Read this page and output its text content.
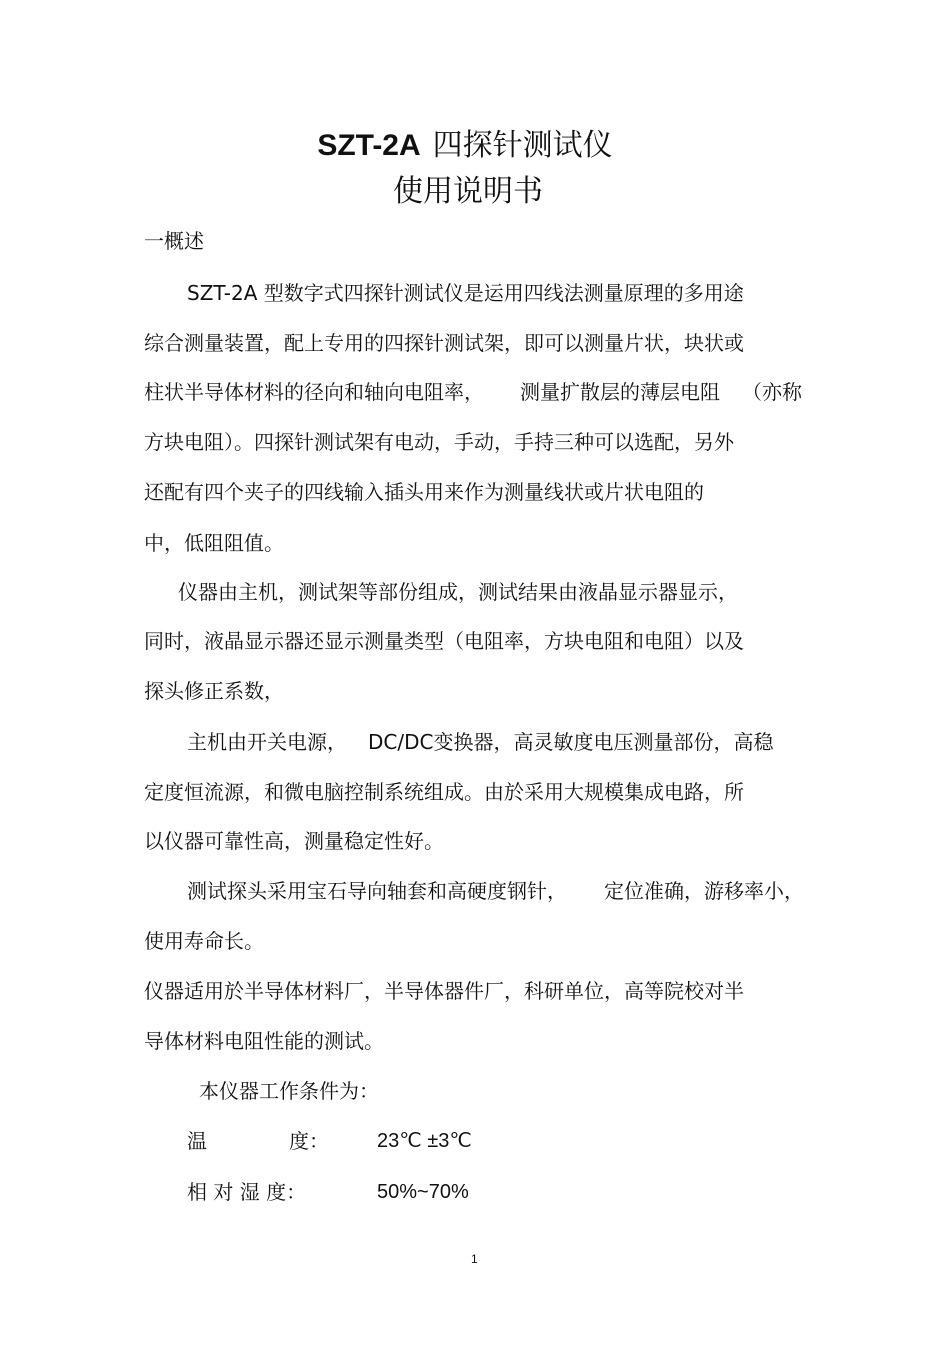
SZT-2A 四探针测试仪
使用说明书

一概述

SZT-2A 型数字式四探针测试仪是运用四线法测量原理的多用途

综合测量装置，配上专用的四探针测试架，即可以测量片状，块状或

柱状半导体材料的径向和轴向电阻率， 测量扩散层的薄层电阻 （亦称

方块电阻）。四探针测试架有电动，手动，手持三种可以选配，另外

还配有四个夹子的四线输入插头用来作为测量线状或片状电阻的

中，低阻阻值。

仪器由主机，测试架等部份组成，测试结果由液晶显示器显示，

同时，液晶显示器还显示测量类型（电阻率，方块电阻和电阻）以及

探头修正系数，

主机由开关电源， DC/DC变换器，高灵敏度电压测量部份，高稳

定度恒流源，和微电脑控制系统组成。由於采用大规模集成电路，所

以仪器可靠性高，测量稳定性好。

测试探头采用宝石导向轴套和高硬度钢针， 定位准确，游移率小，

使用寿命长。

仪器适用於半导体材料厂，半导体器件厂，科研单位，高等院校对半

导体材料电阻性能的测试。

本仪器工作条件为：

温	度： 23℃ ±3℃

相 对 湿 度：	50%~70%

1
